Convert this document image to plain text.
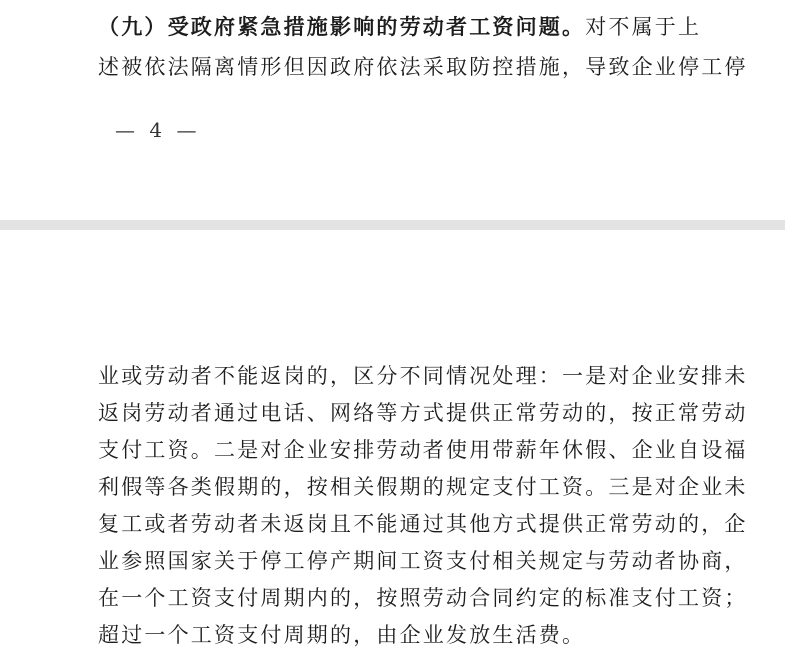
（九）受政府紧急措施影响的劳动者工资问题。对不属于上
述被依法隔离情形但因政府依法采取防控措施，导致企业停工停
— 4 —
业或劳动者不能返岗的，区分不同情况处理：一是对企业安排未
返岗劳动者通过电话、网络等方式提供正常劳动的，按正常劳动
支付工资。二是对企业安排劳动者使用带薪年休假、企业自设福
利假等各类假期的，按相关假期的规定支付工资。三是对企业未
复工或者劳动者未返岗且不能通过其他方式提供正常劳动的，企
业参照国家关于停工停产期间工资支付相关规定与劳动者协商，
在一个工资支付周期内的，按照劳动合同约定的标准支付工资；
超过一个工资支付周期的，由企业发放生活费。
